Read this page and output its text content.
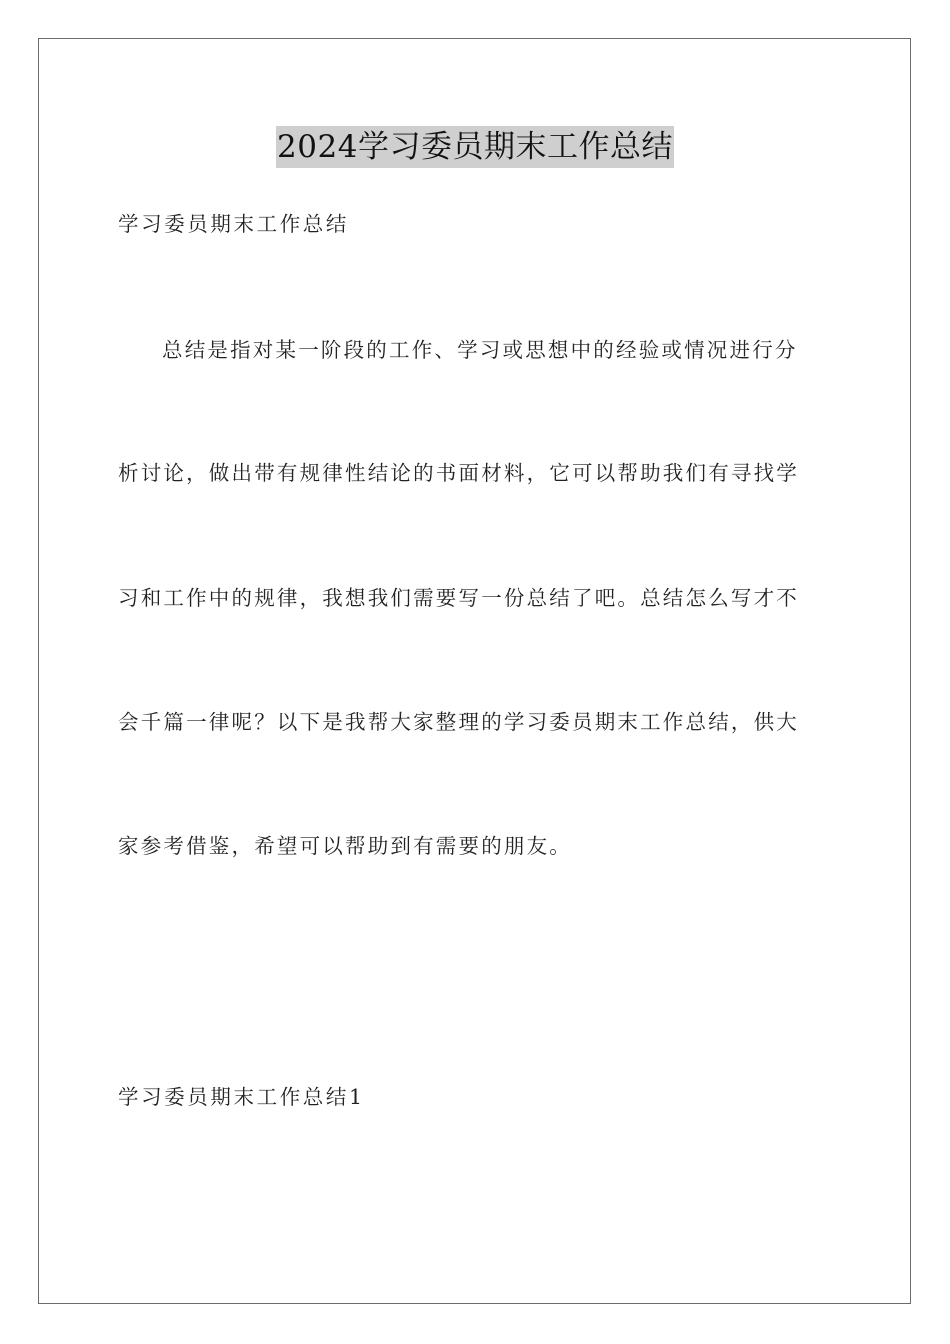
2024学习委员期末工作总结
学习委员期末工作总结
总结是指对某一阶段的工作、学习或思想中的经验或情况进行分
析讨论，做出带有规律性结论的书面材料，它可以帮助我们有寻找学
习和工作中的规律，我想我们需要写一份总结了吧。总结怎么写才不
会千篇一律呢？以下是我帮大家整理的学习委员期末工作总结，供大
家参考借鉴，希望可以帮助到有需要的朋友。
学习委员期末工作总结1
